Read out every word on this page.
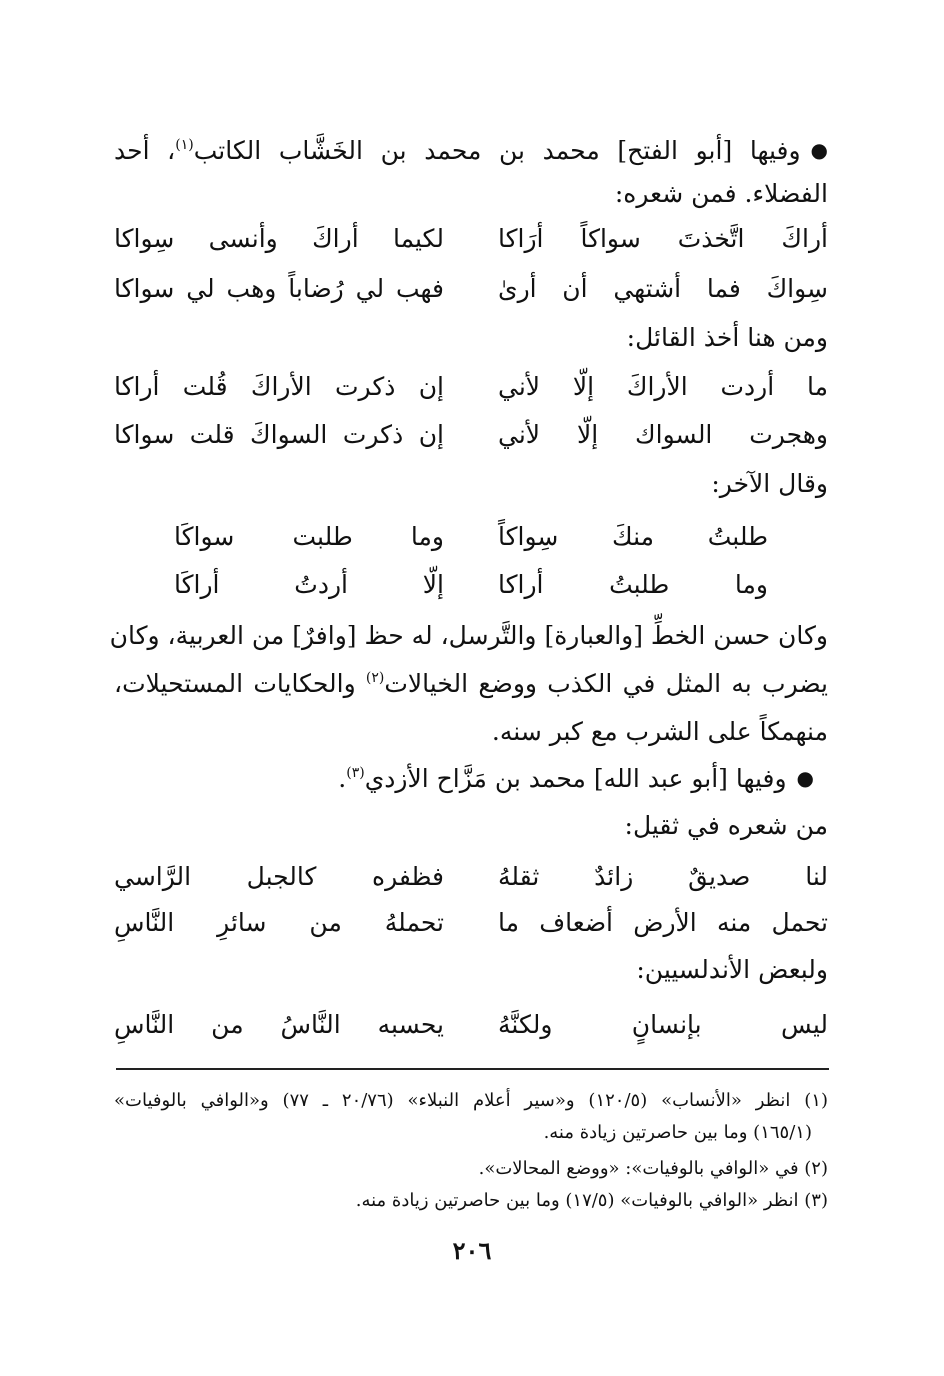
●وفيها [أبو الفتح] محمد بن محمد بن الخَشَّاب الكاتب$^{(١)}$، أحد
الفضلاء. فمن شعره:
أراكَ اتَّخذتَ سواكاً أرَاكا
لكيما أراكَ وأنسى سِواكا
سِواكَ فما أشتهي أن أرىٰ
فهب لي رُضاباً وهب لي سواكا
ومن هنا أخذ القائل:
ما أردت الأراكَ إلّا لأني
إن ذكرت الأراكَ قُلت أراكا
وهجرت السواك إلّا لأني
إن ذكرت السواكَ قلت سواكا
وقال الآخر:
طلبتُ منكَ سِواكاً
وما طلبت سواكَا
وما طلبتُ أراكا
إلّا أردتُ أراكَا
وكان حسن الخطِّ [والعبارة] والتَّرسل، له حظ [وافرٌ] من العربية، وكان
يضرب به المثل في الكذب ووضع الخيالات$^{(٢)}$ والحكايات المستحيلات،
منهمكاً على الشرب مع كبر سنه.
●وفيها [أبو عبد الله] محمد بن مَزَّاح الأزدي$^{(٣)}$.
من شعره في ثقيل:
لنا صديقٌ زائدٌ ثقلهُ
فظفره كالجبل الرَّاسي
تحمل منه الأرض أضعاف ما
تحملهُ من سائرِ النَّاسِ
ولبعض الأندلسيين:
ليس بإنسانٍ ولكنَّهُ
يحسبه النَّاسُ من النَّاسِ
(١) انظر «الأنساب» (١٢٠/٥) و«سير أعلام النبلاء» (٢٠/٧٦ ـ ٧٧) و«الوافي بالوفيات»
(١٦٥/١) وما بين حاصرتين زيادة منه.
(٢) في «الوافي بالوفيات»: «ووضع المحالات».
(٣) انظر «الوافي بالوفيات» (١٧/٥) وما بين حاصرتين زيادة منه.
٢٠٦
